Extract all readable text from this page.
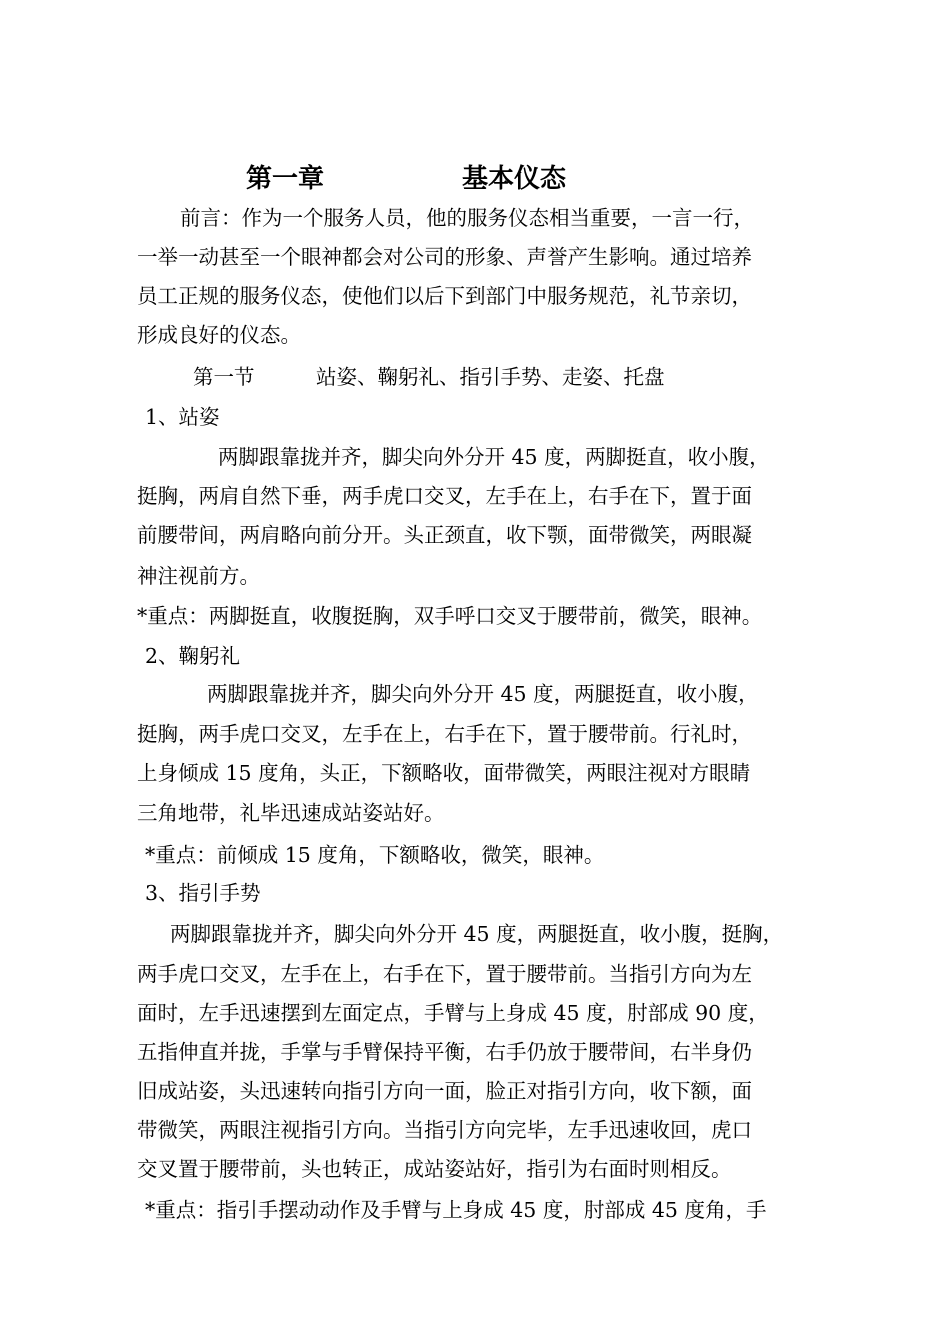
第一章	基本仪态
前言：作为一个服务人员，他的服务仪态相当重要，一言一行，
一举一动甚至一个眼神都会对公司的形象、声誉产生影响。通过培养
员工正规的服务仪态，使他们以后下到部门中服务规范，礼节亲切，
形成良好的仪态。
第一节　　　站姿、鞠躬礼、指引手势、走姿、托盘
1、站姿
两脚跟靠拢并齐，脚尖向外分开 45 度，两脚挺直，收小腹，
挺胸，两肩自然下垂，两手虎口交叉，左手在上，右手在下，置于面
前腰带间，两肩略向前分开。头正颈直，收下颚，面带微笑，两眼凝
神注视前方。
*重点：两脚挺直，收腹挺胸，双手呼口交叉于腰带前，微笑，眼神。
2、鞠躬礼
两脚跟靠拢并齐，脚尖向外分开 45 度，两腿挺直，收小腹，
挺胸，两手虎口交叉，左手在上，右手在下，置于腰带前。行礼时，
上身倾成 15 度角，头正，下额略收，面带微笑，两眼注视对方眼睛
三角地带，礼毕迅速成站姿站好。
*重点：前倾成 15 度角，下额略收，微笑，眼神。
3、指引手势
两脚跟靠拢并齐，脚尖向外分开 45 度，两腿挺直，收小腹，挺胸，
两手虎口交叉，左手在上，右手在下，置于腰带前。当指引方向为左
面时，左手迅速摆到左面定点，手臂与上身成 45 度，肘部成 90 度，
五指伸直并拢，手掌与手臂保持平衡，右手仍放于腰带间，右半身仍
旧成站姿，头迅速转向指引方向一面，脸正对指引方向，收下额，面
带微笑，两眼注视指引方向。当指引方向完毕，左手迅速收回，虎口
交叉置于腰带前，头也转正，成站姿站好，指引为右面时则相反。
*重点：指引手摆动动作及手臂与上身成 45 度，肘部成 45 度角，手
